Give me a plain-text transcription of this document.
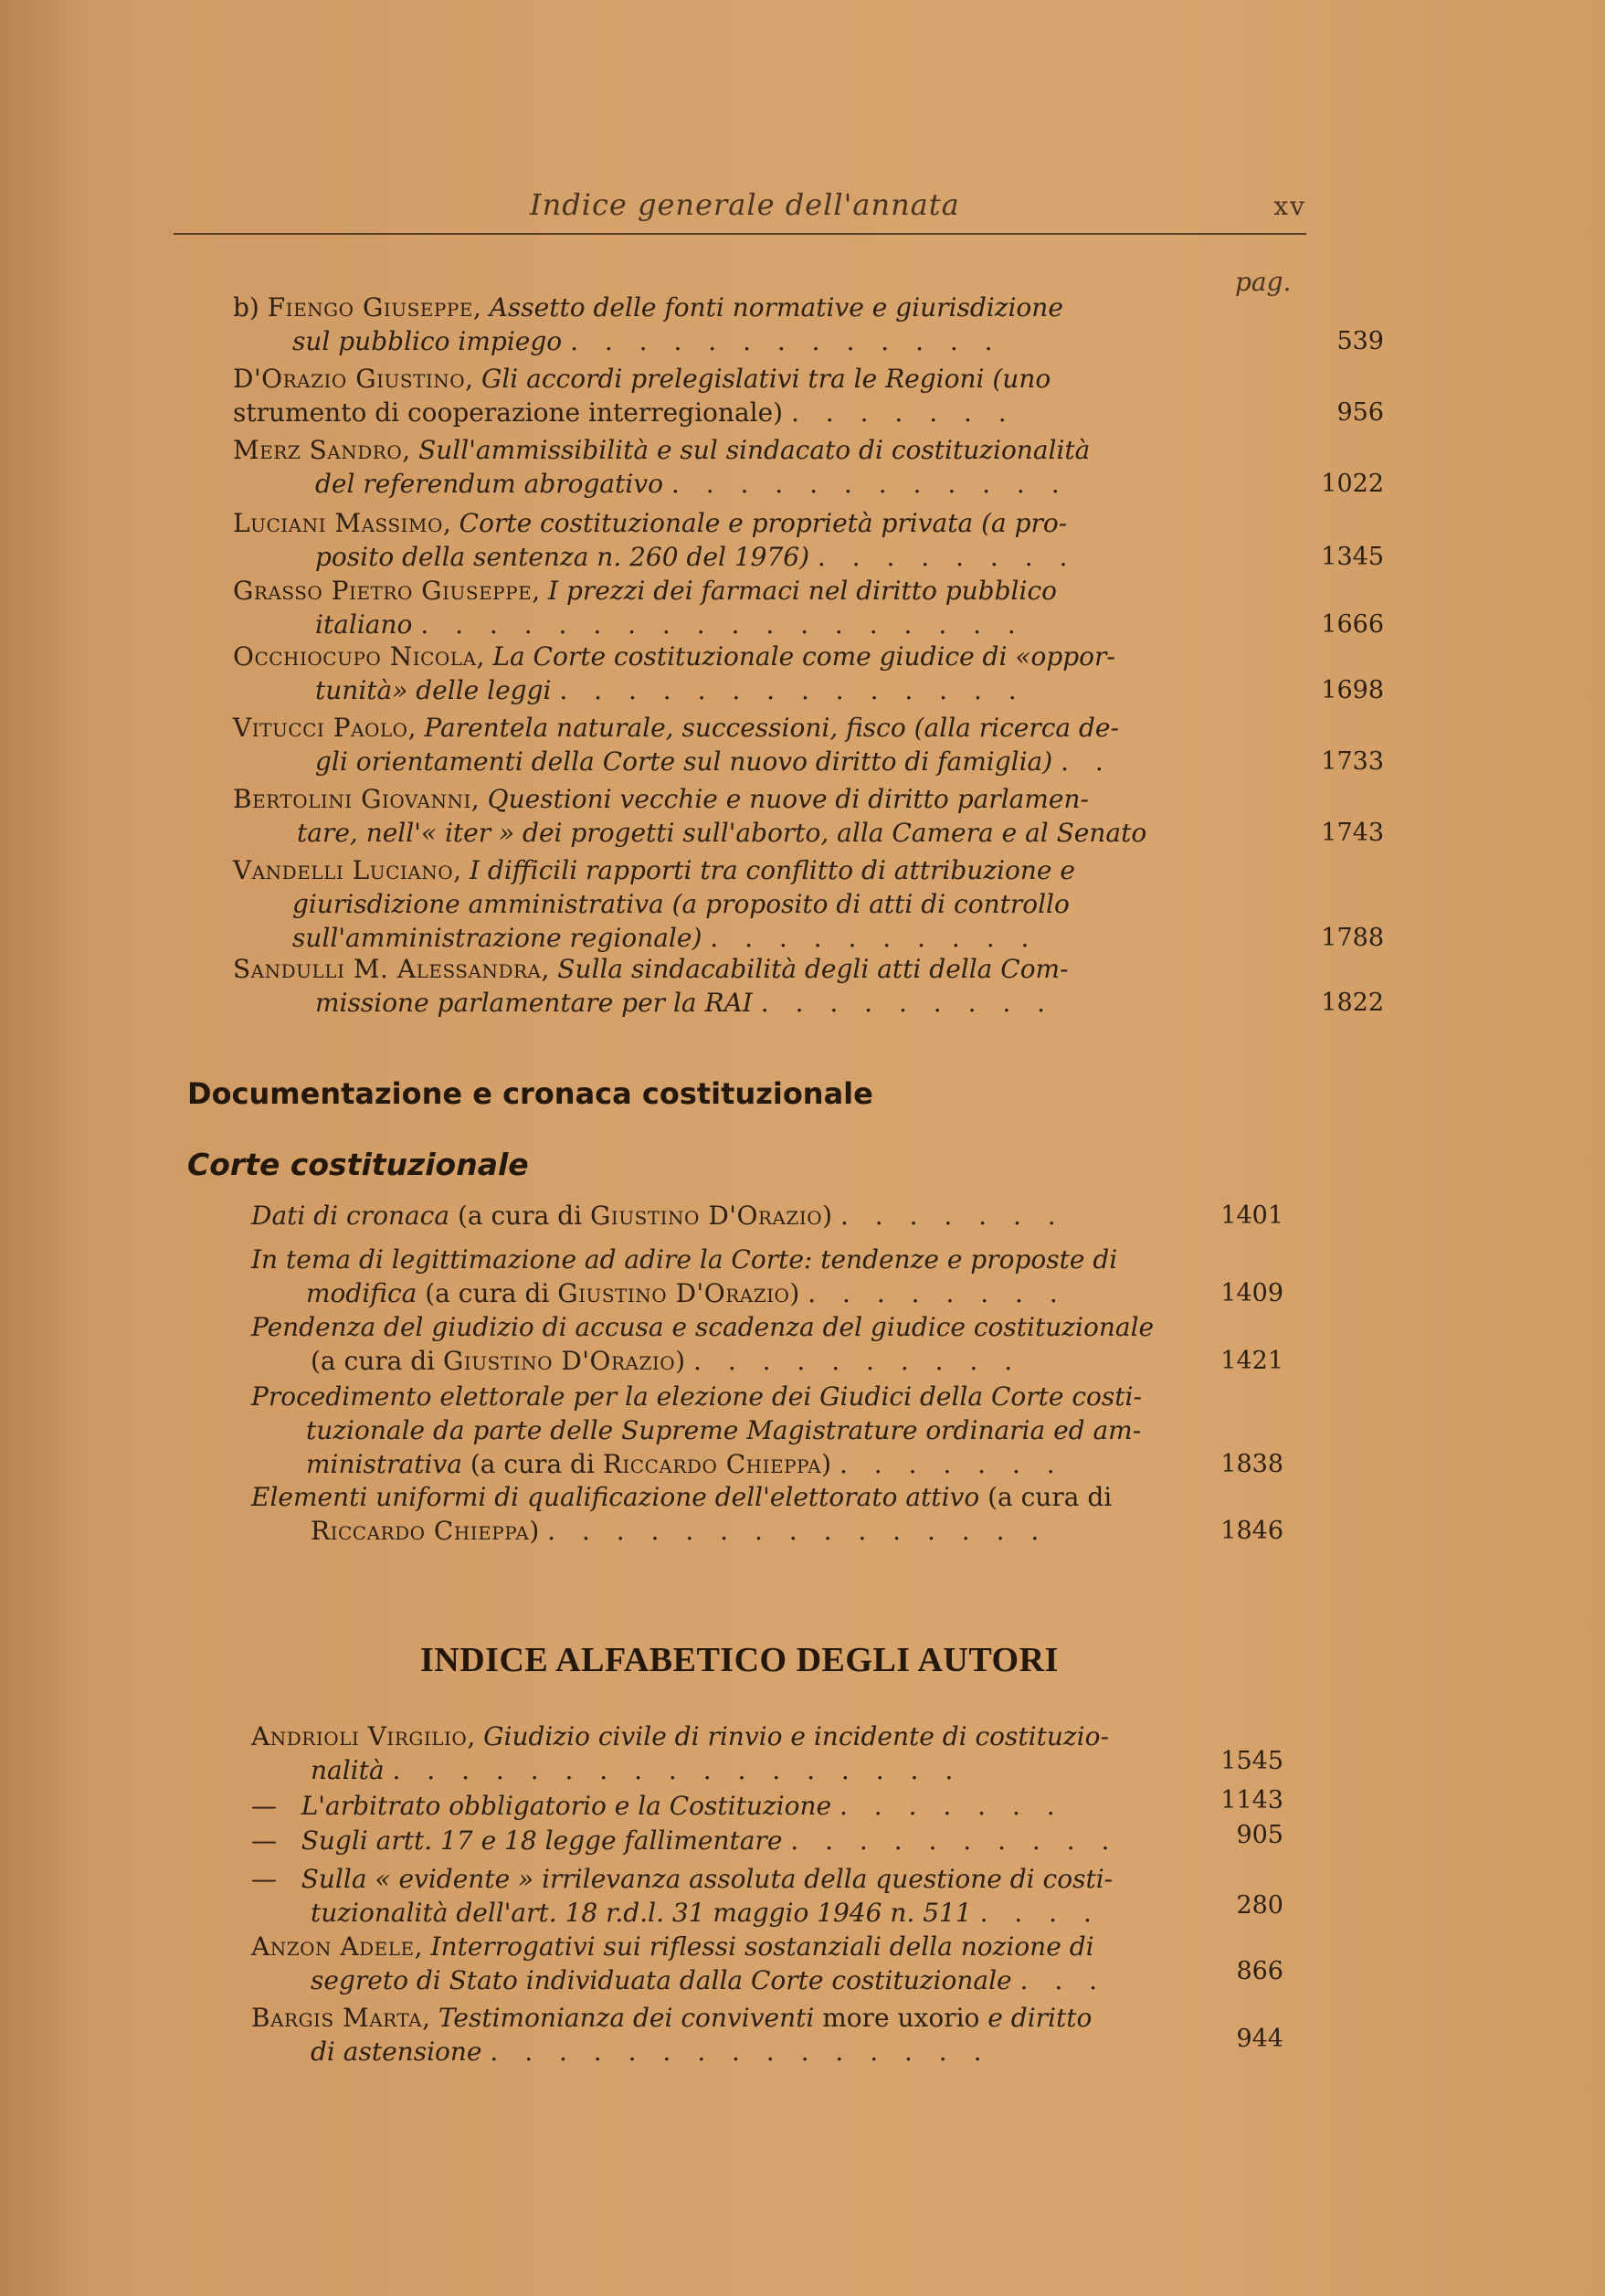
Indice generale dell'annata	xv
pag.
b) Fiengo Giuseppe, Assetto delle fonti normative e giurisdizione
sul pubblico impiego . . . . . . . . . . . . .	539
D'Orazio Giustino, Gli accordi prelegislativi tra le Regioni (uno
strumento di cooperazione interregionale) . . . . . . .	956
Merz Sandro, Sull'ammissibilità e sul sindacato di costituzionalità
del referendum abrogativo . . . . . . . . . . . .	1022
Luciani Massimo, Corte costituzionale e proprietà privata (a pro-
posito della sentenza n. 260 del 1976) . . . . . . . .	1345
Grasso Pietro Giuseppe, I prezzi dei farmaci nel diritto pubblico
italiano . . . . . . . . . . . . . . . . . .	1666
Occhiocupo Nicola, La Corte costituzionale come giudice di «oppor-
tunità» delle leggi . . . . . . . . . . . . . .	1698
Vitucci Paolo, Parentela naturale, successioni, fisco (alla ricerca de-
gli orientamenti della Corte sul nuovo diritto di famiglia) . .	1733
Bertolini Giovanni, Questioni vecchie e nuove di diritto parlamen-
tare, nell'« iter » dei progetti sull'aborto, alla Camera e al Senato	1743
Vandelli Luciano, I difficili rapporti tra conflitto di attribuzione e
giurisdizione amministrativa (a proposito di atti di controllo
sull'amministrazione regionale) . . . . . . . . . .	1788
Sandulli M. Alessandra, Sulla sindacabilità degli atti della Com-
missione parlamentare per la RAI . . . . . . . . .	1822
Documentazione e cronaca costituzionale
Corte costituzionale
Dati di cronaca (a cura di Giustino D'Orazio) . . . . . . .	1401
In tema di legittimazione ad adire la Corte: tendenze e proposte di
modifica (a cura di Giustino D'Orazio) . . . . . . . .	1409
Pendenza del giudizio di accusa e scadenza del giudice costituzionale
(a cura di Giustino D'Orazio) . . . . . . . . . .	1421
Procedimento elettorale per la elezione dei Giudici della Corte costi-
tuzionale da parte delle Supreme Magistrature ordinaria ed am-
ministrativa (a cura di Riccardo Chieppa) . . . . . . .	1838
Elementi uniformi di qualificazione dell'elettorato attivo (a cura di
Riccardo Chieppa) . . . . . . . . . . . . . . .	1846
INDICE ALFABETICO DEGLI AUTORI
Andrioli Virgilio, Giudizio civile di rinvio e incidente di costituzio-
nalità . . . . . . . . . . . . . . . . .	1545
— L'arbitrato obbligatorio e la Costituzione . . . . . . .	1143
— Sugli artt. 17 e 18 legge fallimentare . . . . . . . . . .	905
— Sulla « evidente » irrilevanza assoluta della questione di costi-
tuzionalità dell'art. 18 r.d.l. 31 maggio 1946 n. 511 . . . .	280
Anzon Adele, Interrogativi sui riflessi sostanziali della nozione di
segreto di Stato individuata dalla Corte costituzionale . . .	866
Bargis Marta, Testimonianza dei conviventi more uxorio e diritto
di astensione . . . . . . . . . . . . . . .	944
